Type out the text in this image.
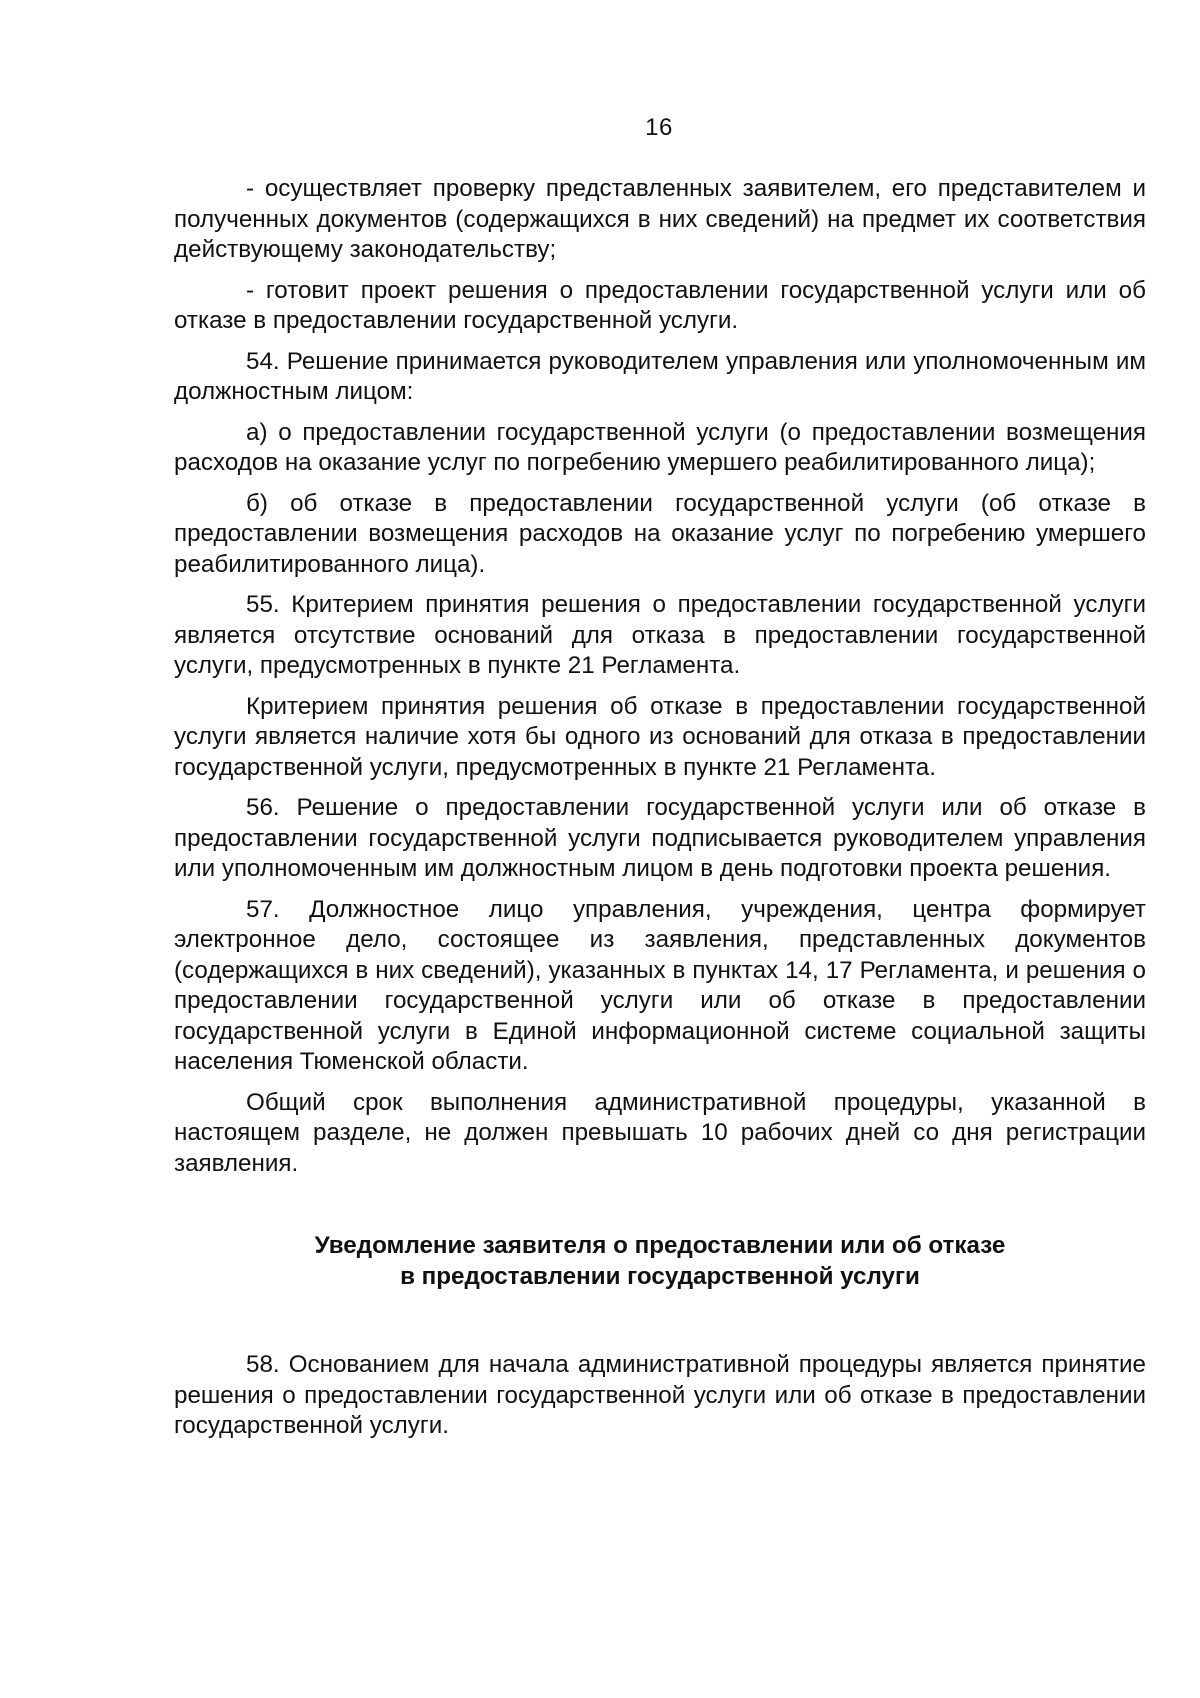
16

- осуществляет проверку представленных заявителем, его представителем и полученных документов (содержащихся в них сведений) на предмет их соответствия действующему законодательству;

- готовит проект решения о предоставлении государственной услуги или об отказе в предоставлении государственной услуги.

54. Решение принимается руководителем управления или уполномоченным им должностным лицом:

а) о предоставлении государственной услуги (о предоставлении возмещения расходов на оказание услуг по погребению умершего реабилитированного лица);

б) об отказе в предоставлении государственной услуги (об отказе в предоставлении возмещения расходов на оказание услуг по погребению умершего реабилитированного лица).

55. Критерием принятия решения о предоставлении государственной услуги является отсутствие оснований для отказа в предоставлении государственной услуги, предусмотренных в пункте 21 Регламента.

Критерием принятия решения об отказе в предоставлении государственной услуги является наличие хотя бы одного из оснований для отказа в предоставлении государственной услуги, предусмотренных в пункте 21 Регламента.

56. Решение о предоставлении государственной услуги или об отказе в предоставлении государственной услуги подписывается руководителем управления или уполномоченным им должностным лицом в день подготовки проекта решения.

57. Должностное лицо управления, учреждения, центра формирует электронное дело, состоящее из заявления, представленных документов (содержащихся в них сведений), указанных в пунктах 14, 17 Регламента, и решения о предоставлении государственной услуги или об отказе в предоставлении государственной услуги в Единой информационной системе социальной защиты населения Тюменской области.

Общий срок выполнения административной процедуры, указанной в настоящем разделе, не должен превышать 10 рабочих дней со дня регистрации заявления.

Уведомление заявителя о предоставлении или об отказе
в предоставлении государственной услуги

58. Основанием для начала административной процедуры является принятие решения о предоставлении государственной услуги или об отказе в предоставлении государственной услуги.
